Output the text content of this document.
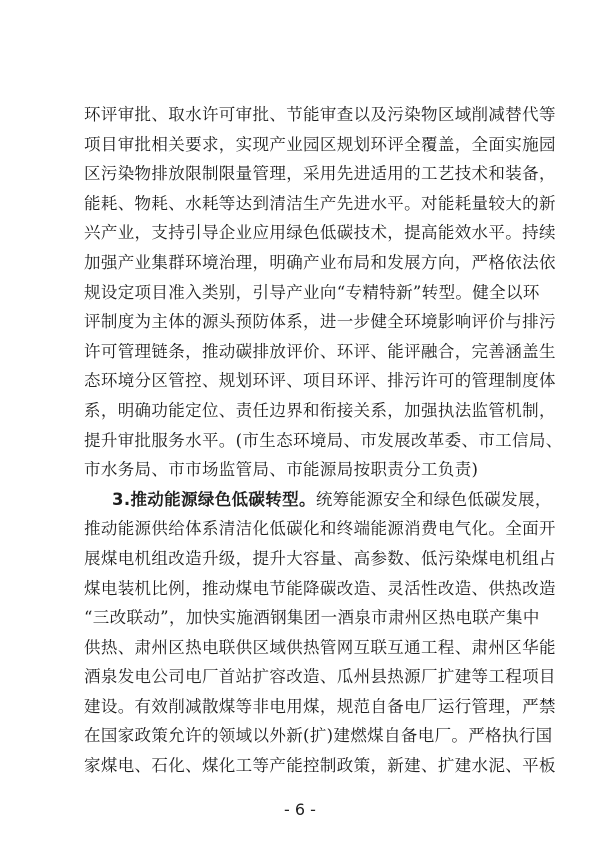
环评审批、取水许可审批、节能审查以及污染物区域削减替代等
项目审批相关要求，实现产业园区规划环评全覆盖，全面实施园
区污染物排放限制限量管理，采用先进适用的工艺技术和装备，
能耗、物耗、水耗等达到清洁生产先进水平。对能耗量较大的新
兴产业，支持引导企业应用绿色低碳技术，提高能效水平。持续
加强产业集群环境治理，明确产业布局和发展方向，严格依法依
规设定项目准入类别，引导产业向“专精特新”转型。健全以环
评制度为主体的源头预防体系，进一步健全环境影响评价与排污
许可管理链条，推动碳排放评价、环评、能评融合，完善涵盖生
态环境分区管控、规划环评、项目环评、排污许可的管理制度体
系，明确功能定位、责任边界和衔接关系，加强执法监管机制，
提升审批服务水平。(市生态环境局、市发展改革委、市工信局、
市水务局、市市场监管局、市能源局按职责分工负责)
3.推动能源绿色低碳转型。统筹能源安全和绿色低碳发展，
推动能源供给体系清洁化低碳化和终端能源消费电气化。全面开
展煤电机组改造升级，提升大容量、高参数、低污染煤电机组占
煤电装机比例，推动煤电节能降碳改造、灵活性改造、供热改造
“三改联动”，加快实施酒钢集团一酒泉市肃州区热电联产集中
供热、肃州区热电联供区域供热管网互联互通工程、肃州区华能
酒泉发电公司电厂首站扩容改造、瓜州县热源厂扩建等工程项目
建设。有效削减散煤等非电用煤，规范自备电厂运行管理，严禁
在国家政策允许的领域以外新(扩)建燃煤自备电厂。严格执行国
家煤电、石化、煤化工等产能控制政策，新建、扩建水泥、平板
- 6 -
